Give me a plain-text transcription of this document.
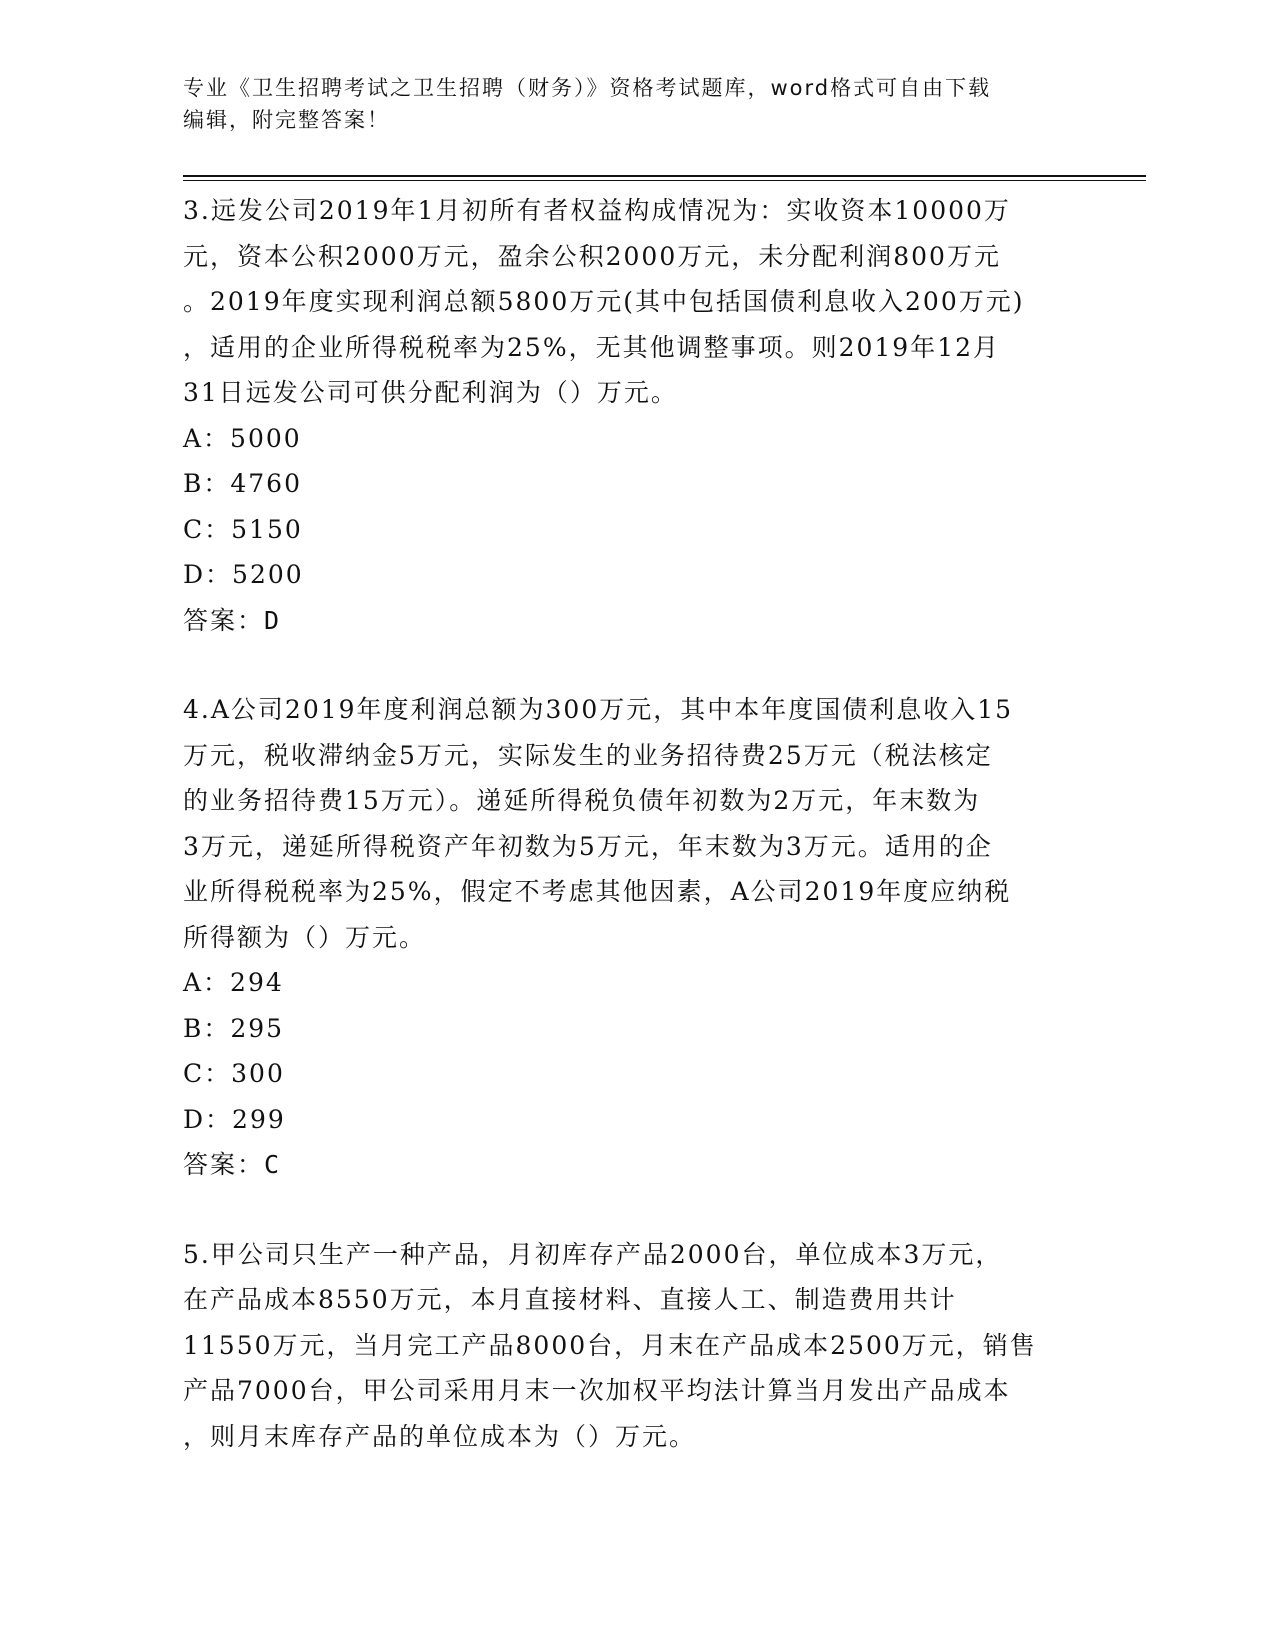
专业《卫生招聘考试之卫生招聘（财务）》资格考试题库，word格式可自由下载
编辑，附完整答案！
3.远发公司2019年1月初所有者权益构成情况为：实收资本10000万
元，资本公积2000万元，盈余公积2000万元，未分配利润800万元
。2019年度实现利润总额5800万元(其中包括国债利息收入200万元)
，适用的企业所得税税率为25%，无其他调整事项。则2019年12月
31日远发公司可供分配利润为（）万元。
A：5000
B：4760
C：5150
D：5200
答案：D
4.A公司2019年度利润总额为300万元，其中本年度国债利息收入15
万元，税收滞纳金5万元，实际发生的业务招待费25万元（税法核定
的业务招待费15万元）。递延所得税负债年初数为2万元，年末数为
3万元，递延所得税资产年初数为5万元，年末数为3万元。适用的企
业所得税税率为25%，假定不考虑其他因素，A公司2019年度应纳税
所得额为（）万元。
A：294
B：295
C：300
D：299
答案：C
5.甲公司只生产一种产品，月初库存产品2000台，单位成本3万元，
在产品成本8550万元，本月直接材料、直接人工、制造费用共计
11550万元，当月完工产品8000台，月末在产品成本2500万元，销售
产品7000台，甲公司采用月末一次加权平均法计算当月发出产品成本
，则月末库存产品的单位成本为（）万元。
